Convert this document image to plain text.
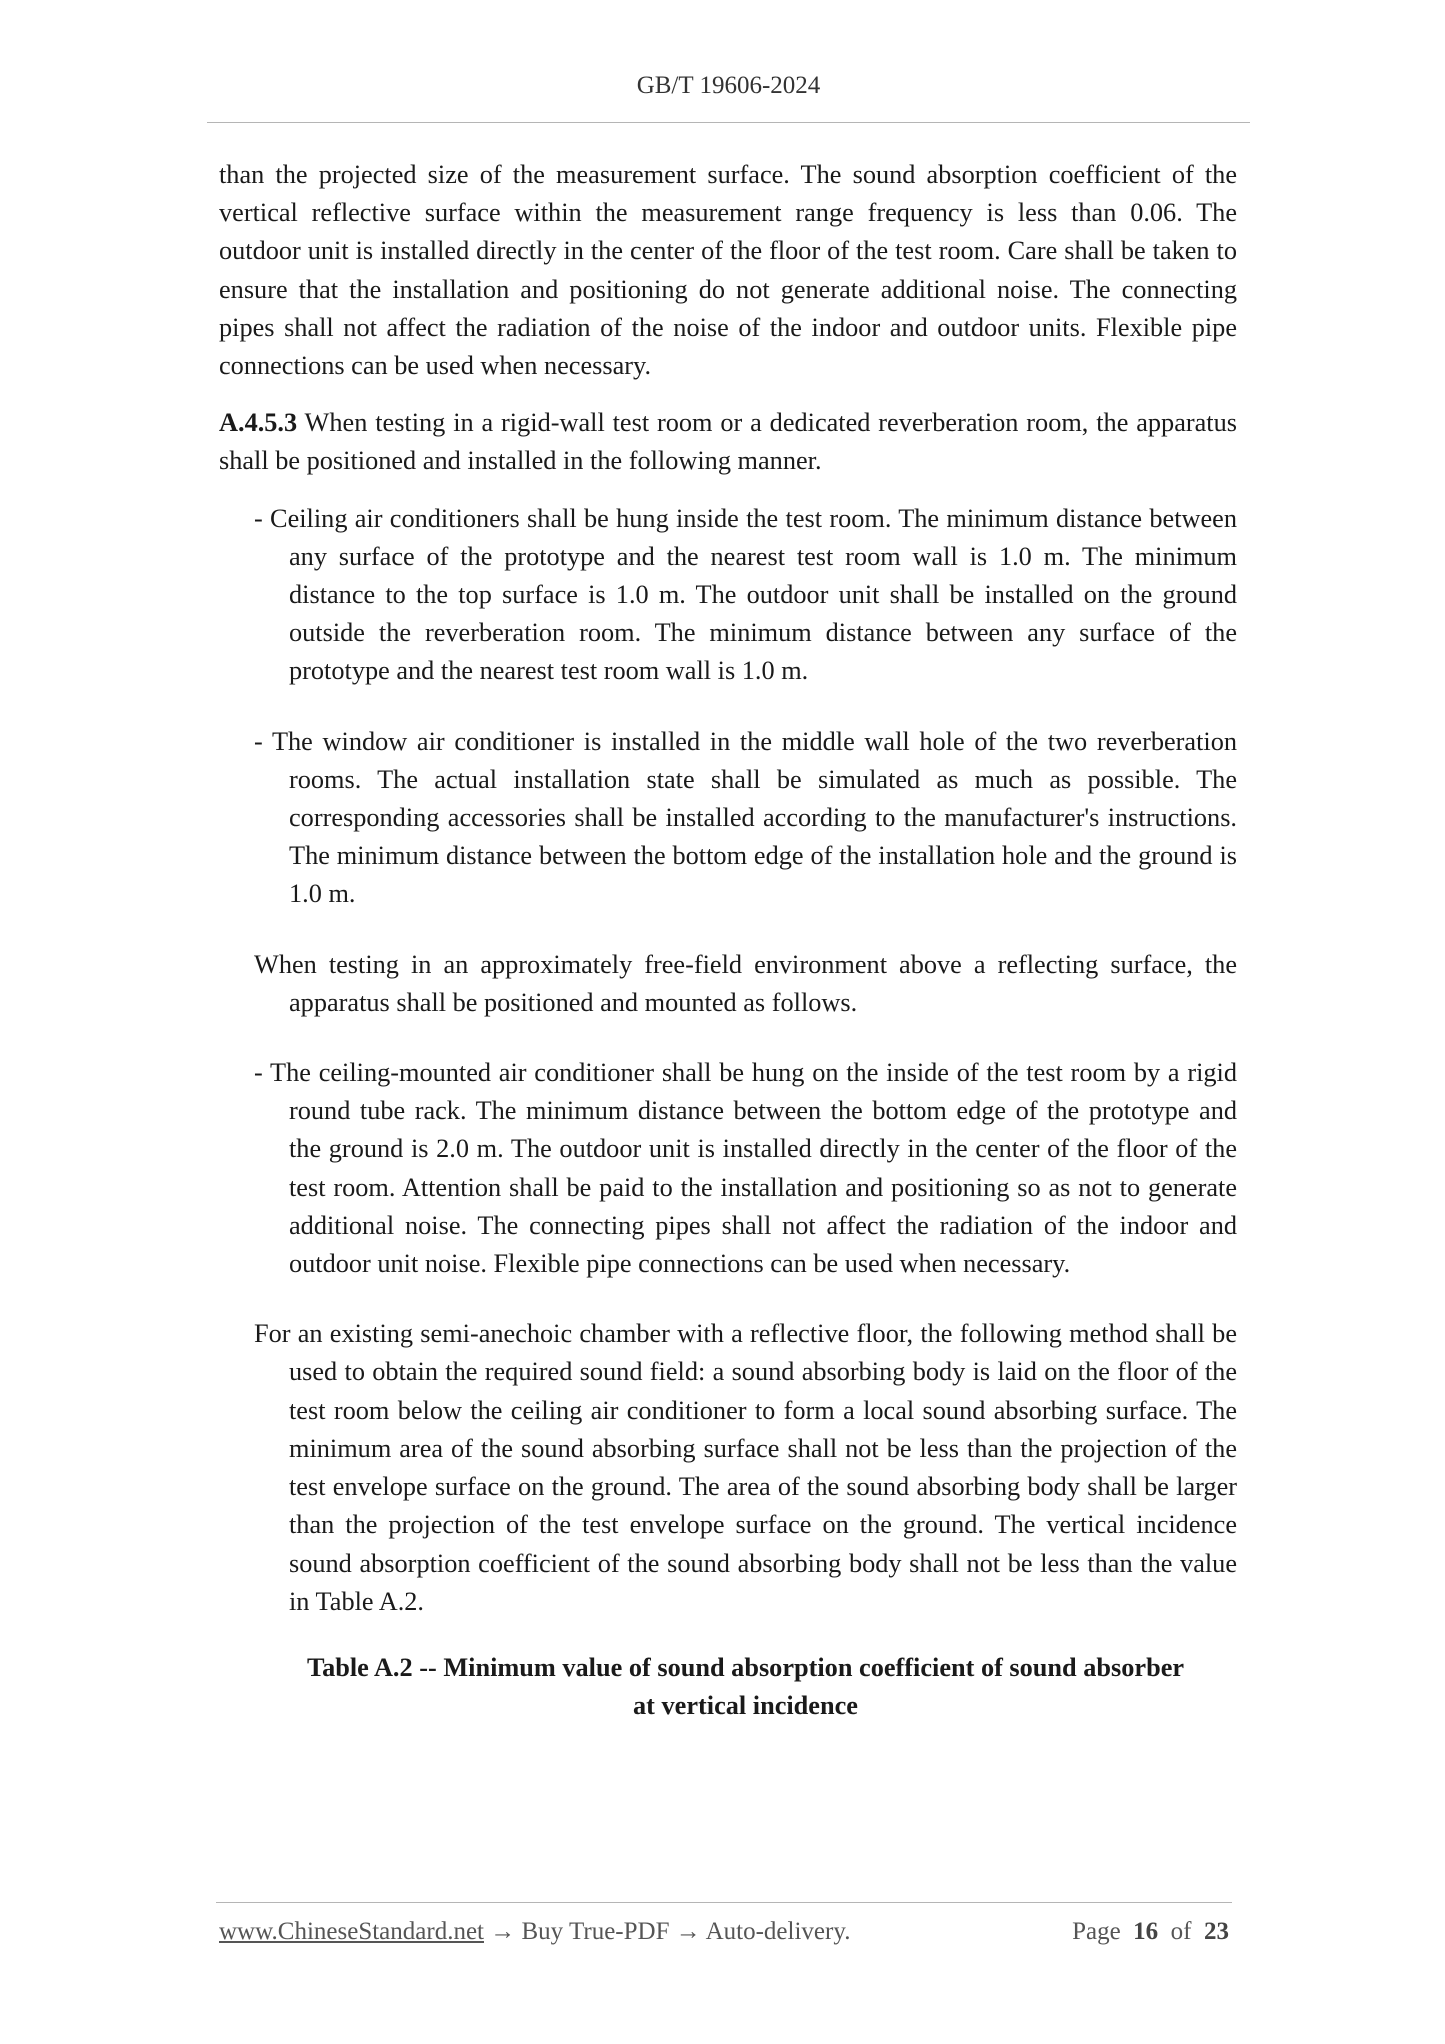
GB/T 19606-2024

than the projected size of the measurement surface. The sound absorption coefficient of the vertical reflective surface within the measurement range frequency is less than 0.06. The outdoor unit is installed directly in the center of the floor of the test room. Care shall be taken to ensure that the installation and positioning do not generate additional noise. The connecting pipes shall not affect the radiation of the noise of the indoor and outdoor units. Flexible pipe connections can be used when necessary.

A.4.5.3 When testing in a rigid-wall test room or a dedicated reverberation room, the apparatus shall be positioned and installed in the following manner.

- Ceiling air conditioners shall be hung inside the test room. The minimum distance between any surface of the prototype and the nearest test room wall is 1.0 m. The minimum distance to the top surface is 1.0 m. The outdoor unit shall be installed on the ground outside the reverberation room. The minimum distance between any surface of the prototype and the nearest test room wall is 1.0 m.

- The window air conditioner is installed in the middle wall hole of the two reverberation rooms. The actual installation state shall be simulated as much as possible. The corresponding accessories shall be installed according to the manufacturer's instructions. The minimum distance between the bottom edge of the installation hole and the ground is 1.0 m.

When testing in an approximately free-field environment above a reflecting surface, the apparatus shall be positioned and mounted as follows.

- The ceiling-mounted air conditioner shall be hung on the inside of the test room by a rigid round tube rack. The minimum distance between the bottom edge of the prototype and the ground is 2.0 m. The outdoor unit is installed directly in the center of the floor of the test room. Attention shall be paid to the installation and positioning so as not to generate additional noise. The connecting pipes shall not affect the radiation of the indoor and outdoor unit noise. Flexible pipe connections can be used when necessary.

For an existing semi-anechoic chamber with a reflective floor, the following method shall be used to obtain the required sound field: a sound absorbing body is laid on the floor of the test room below the ceiling air conditioner to form a local sound absorbing surface. The minimum area of the sound absorbing surface shall not be less than the projection of the test envelope surface on the ground. The area of the sound absorbing body shall be larger than the projection of the test envelope surface on the ground. The vertical incidence sound absorption coefficient of the sound absorbing body shall not be less than the value in Table A.2.

Table A.2 -- Minimum value of sound absorption coefficient of sound absorber
at vertical incidence
www.ChineseStandard.net → Buy True-PDF → Auto-delivery.	Page 16 of 23
